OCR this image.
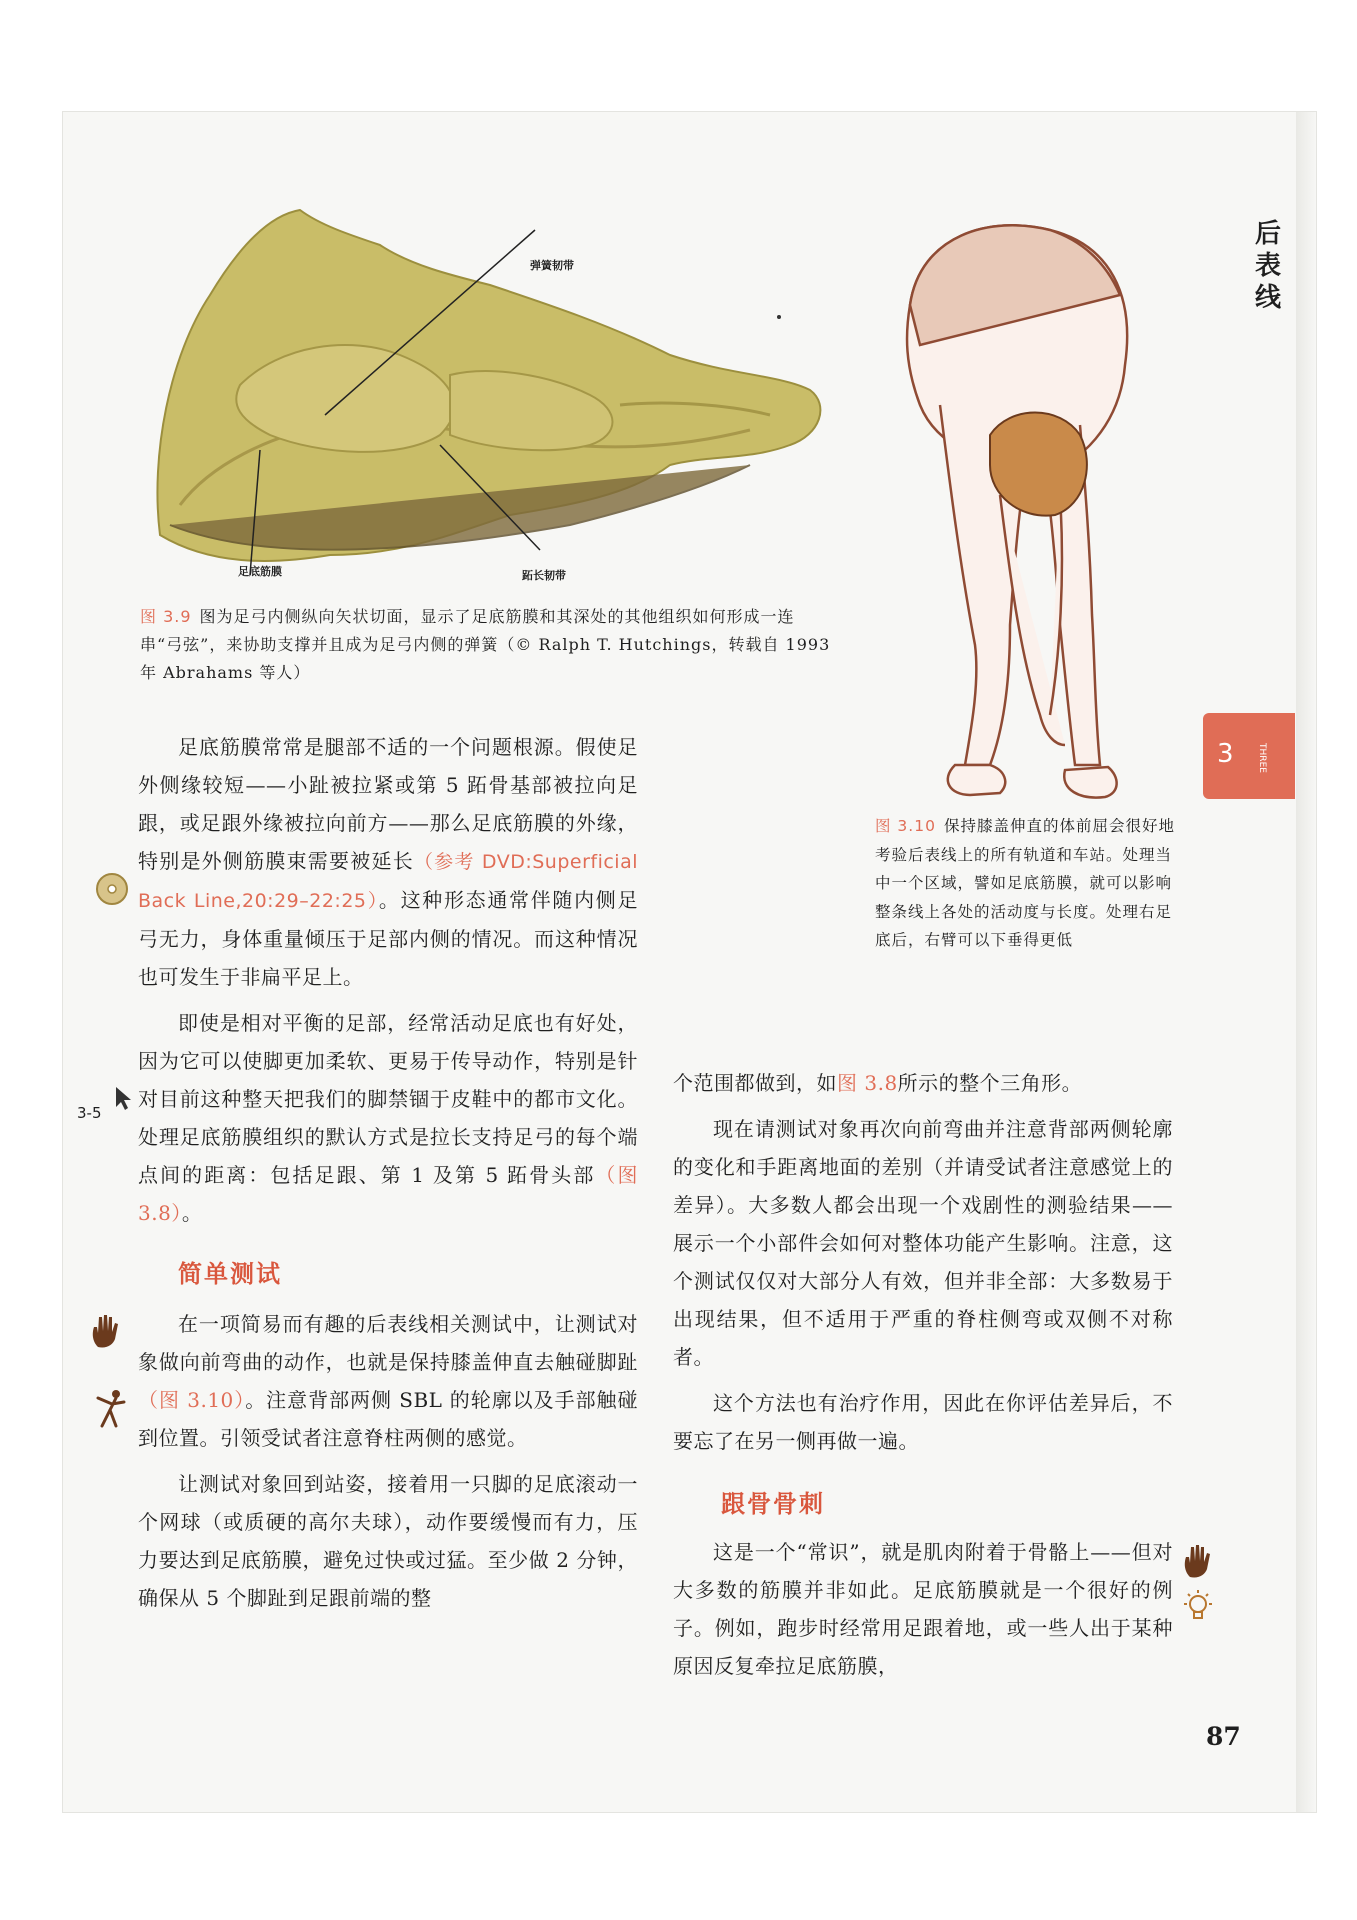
后表线
3	THREE
弹簧韧带
足底筋膜	跖长韧带
图 3.9 图为足弓内侧纵向矢状切面，显示了足底筋膜和其深处的其他组织如何形成一连串“弓弦”，来协助支撑并且成为足弓内侧的弹簧（© Ralph T. Hutchings，转载自 1993 年 Abrahams 等人）
图 3.10 保持膝盖伸直的体前屈会很好地考验后表线上的所有轨道和车站。处理当中一个区域，譬如足底筋膜，就可以影响整条线上各处的活动度与长度。处理右足底后，右臂可以下垂得更低

足底筋膜常常是腿部不适的一个问题根源。假使足外侧缘较短——小趾被拉紧或第 5 跖骨基部被拉向足跟，或足跟外缘被拉向前方——那么足底筋膜的外缘，特别是外侧筋膜束需要被延长（参考 DVD:Superficial Back Line,20:29–22:25）。这种形态通常伴随内侧足弓无力，身体重量倾压于足部内侧的情况。而这种情况也可发生于非扁平足上。

即使是相对平衡的足部，经常活动足底也有好处，因为它可以使脚更加柔软、更易于传导动作，特别是针对目前这种整天把我们的脚禁锢于皮鞋中的都市文化。处理足底筋膜组织的默认方式是拉长支持足弓的每个端点间的距离：包括足跟、第 1 及第 5 跖骨头部（图 3.8）。

简单测试

在一项简易而有趣的后表线相关测试中，让测试对象做向前弯曲的动作，也就是保持膝盖伸直去触碰脚趾（图 3.10）。注意背部两侧 SBL 的轮廓以及手部触碰到位置。引领受试者注意脊柱两侧的感觉。

让测试对象回到站姿，接着用一只脚的足底滚动一个网球（或质硬的高尔夫球），动作要缓慢而有力，压力要达到足底筋膜，避免过快或过猛。至少做 2 分钟，确保从 5 个脚趾到足跟前端的整

个范围都做到，如图 3.8所示的整个三角形。

现在请测试对象再次向前弯曲并注意背部两侧轮廓的变化和手距离地面的差别（并请受试者注意感觉上的差异）。大多数人都会出现一个戏剧性的测验结果——展示一个小部件会如何对整体功能产生影响。注意，这个测试仅仅对大部分人有效，但并非全部：大多数易于出现结果，但不适用于严重的脊柱侧弯或双侧不对称者。

这个方法也有治疗作用，因此在你评估差异后，不要忘了在另一侧再做一遍。

跟骨骨刺

这是一个“常识”，就是肌肉附着于骨骼上——但对大多数的筋膜并非如此。足底筋膜就是一个很好的例子。例如，跑步时经常用足跟着地，或一些人出于某种原因反复牵拉足底筋膜，

3-5
87
